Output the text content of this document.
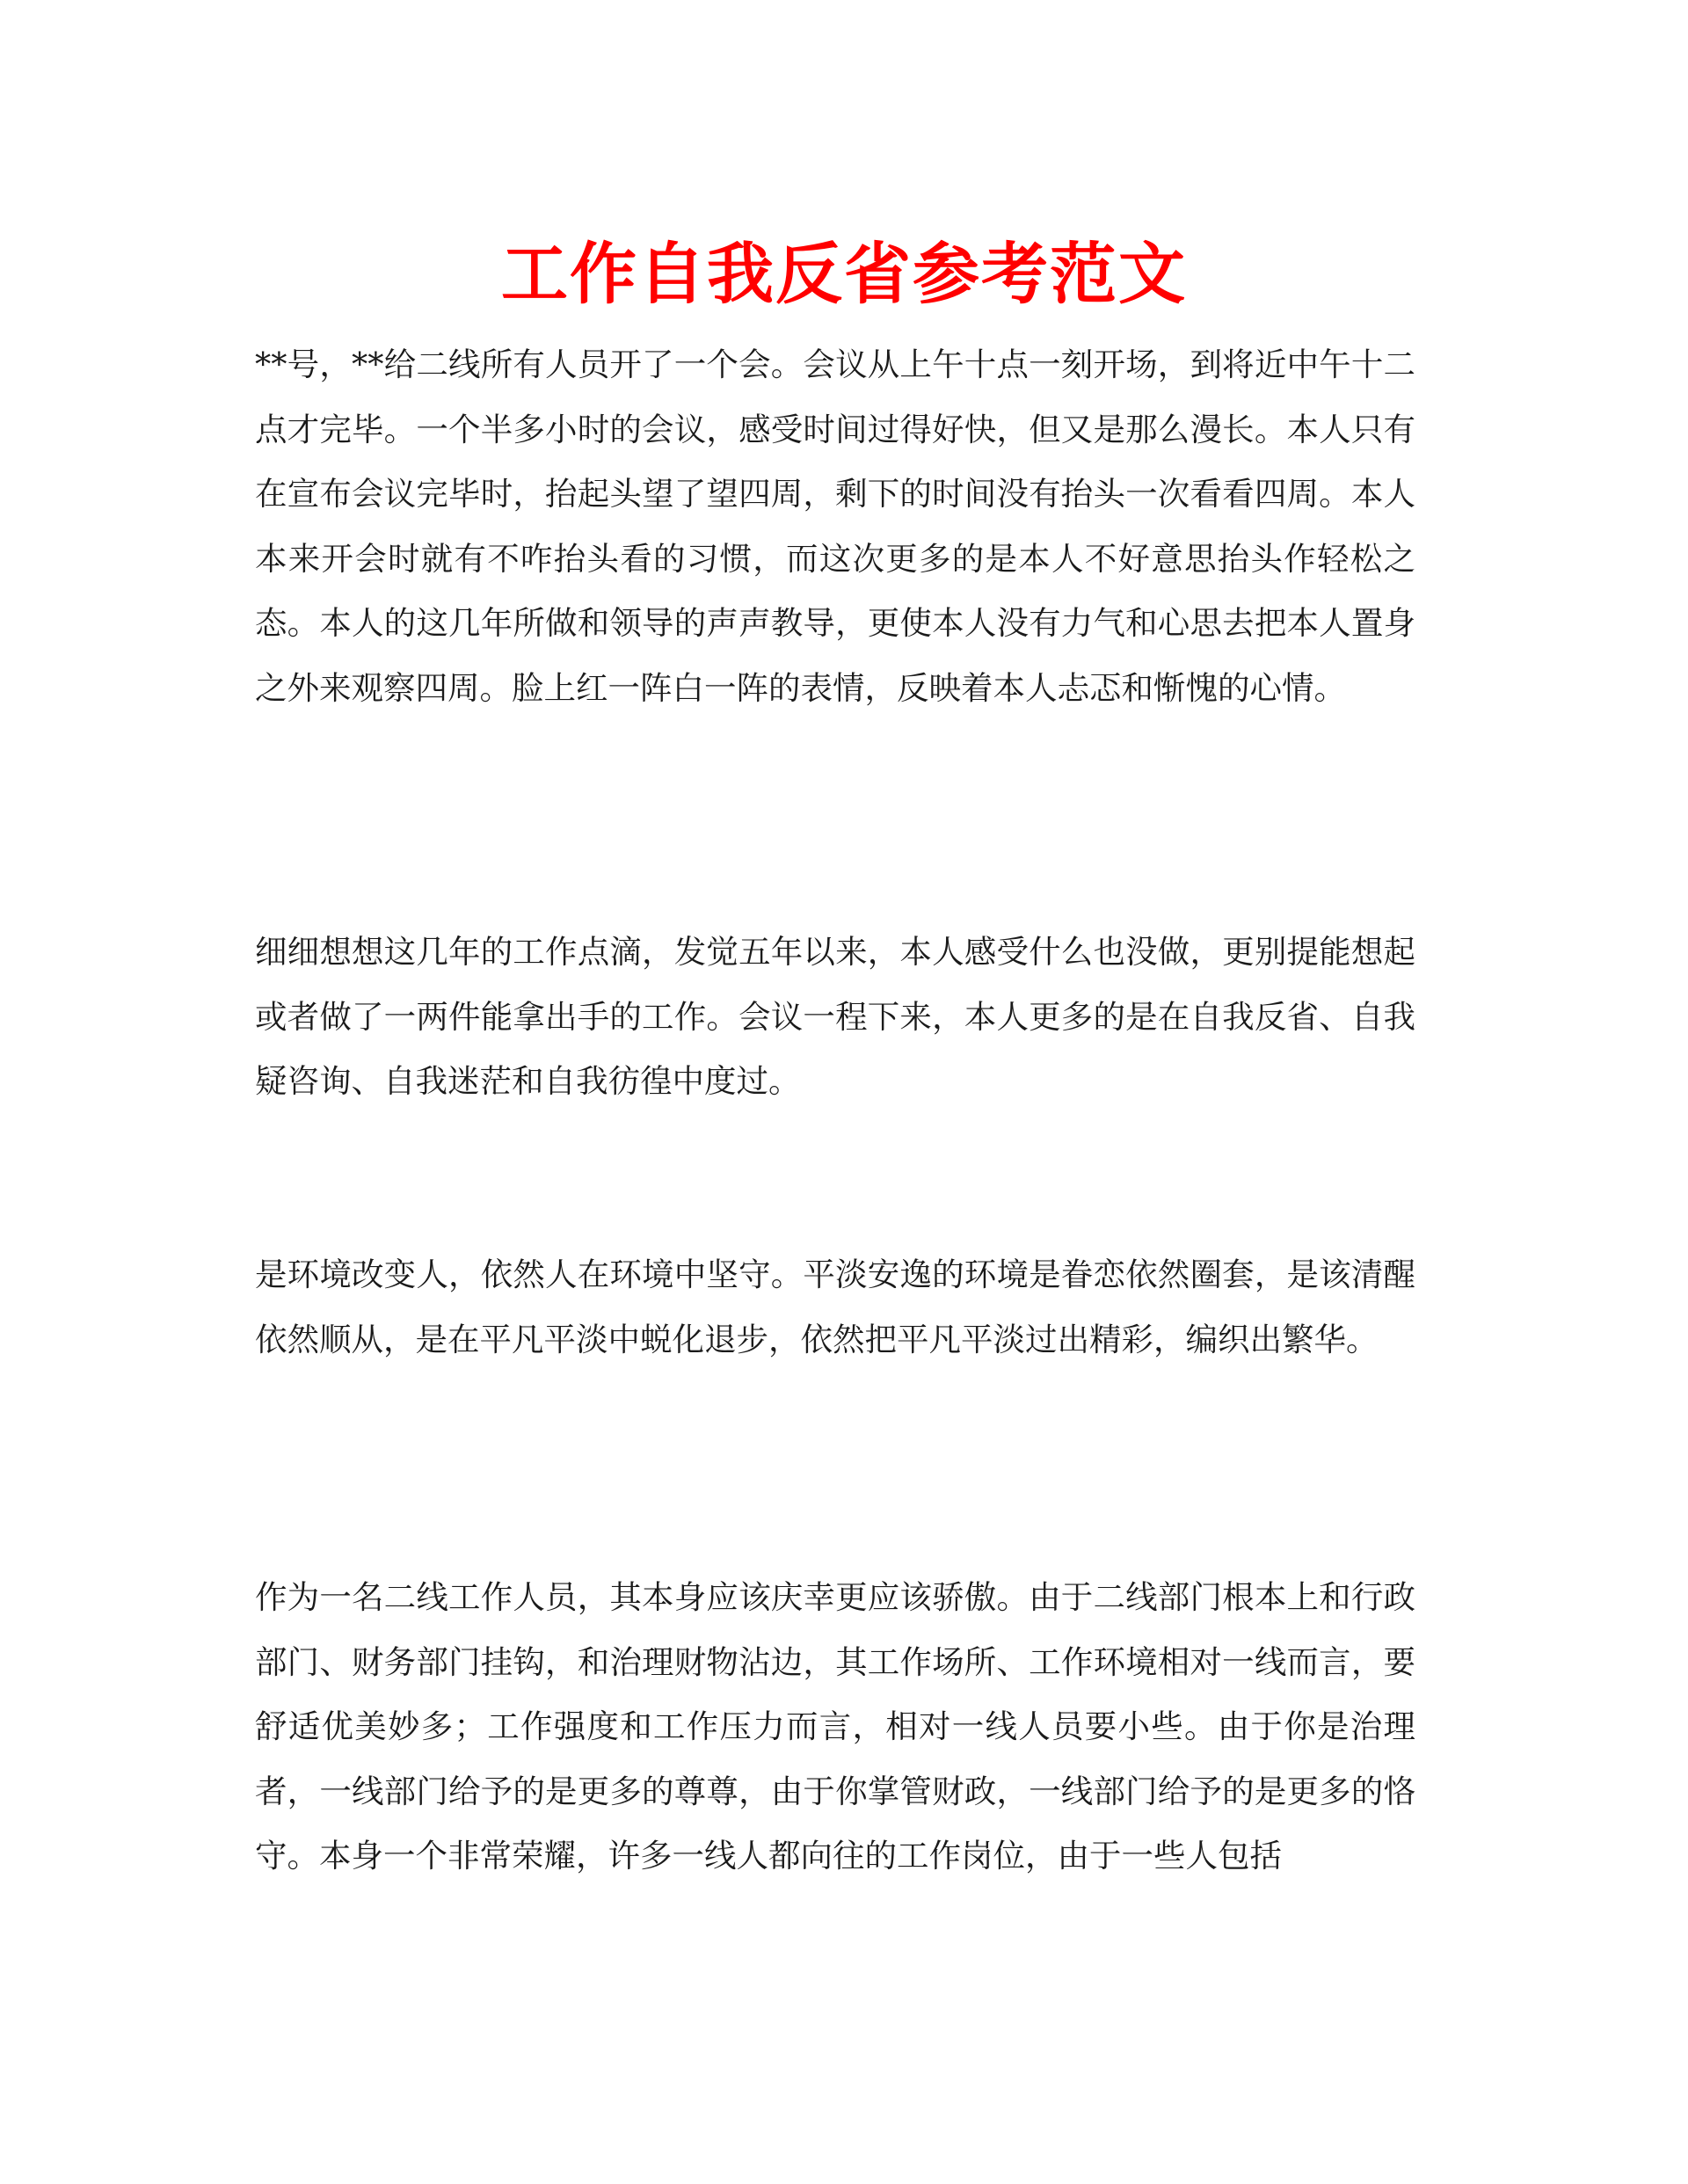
工作自我反省参考范文

**号，**给二线所有人员开了一个会。会议从上午十点一刻开场，到将近中午十二点才完毕。一个半多小时的会议，感受时间过得好快，但又是那么漫长。本人只有在宣布会议完毕时，抬起头望了望四周，剩下的时间没有抬头一次看看四周。本人本来开会时就有不咋抬头看的习惯，而这次更多的是本人不好意思抬头作轻松之态。本人的这几年所做和领导的声声教导，更使本人没有力气和心思去把本人置身之外来观察四周。脸上红一阵白一阵的表情，反映着本人忐忑和惭愧的心情。

细细想想这几年的工作点滴，发觉五年以来，本人感受什么也没做，更别提能想起或者做了一两件能拿出手的工作。会议一程下来，本人更多的是在自我反省、自我疑咨询、自我迷茫和自我彷徨中度过。

是环境改变人，依然人在环境中坚守。平淡安逸的环境是眷恋依然圈套，是该清醒依然顺从，是在平凡平淡中蜕化退步，依然把平凡平淡过出精彩，编织出繁华。

作为一名二线工作人员，其本身应该庆幸更应该骄傲。由于二线部门根本上和行政部门、财务部门挂钩，和治理财物沾边，其工作场所、工作环境相对一线而言，要舒适优美妙多；工作强度和工作压力而言，相对一线人员要小些。由于你是治理者，一线部门给予的是更多的尊尊，由于你掌管财政，一线部门给予的是更多的恪守。本身一个非常荣耀，许多一线人都向往的工作岗位，由于一些人包括
